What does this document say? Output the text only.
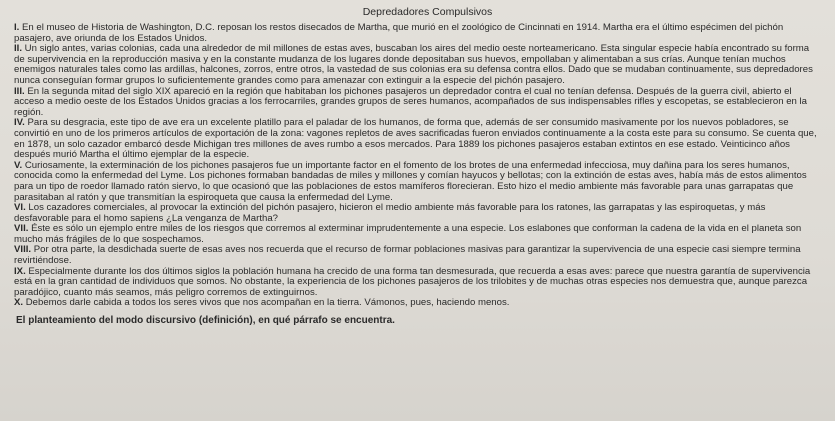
Depredadores Compulsivos

I. En el museo de Historia de Washington, D.C. reposan los restos disecados de Martha, que murió en el zoológico de Cincinnati en 1914. Martha era el último espécimen del pichón pasajero, ave oriunda de los Estados Unidos.

II. Un siglo antes, varias colonias, cada una alrededor de mil millones de estas aves, buscaban los aires del medio oeste norteamericano. Esta singular especie había encontrado su forma de supervivencia en la reproducción masiva y en la constante mudanza de los lugares donde depositaban sus huevos, empollaban y alimentaban a sus crías. Aunque tenían muchos enemigos naturales tales como las ardillas, halcones, zorros, entre otros, la vastedad de sus colonias era su defensa contra ellos. Dado que se mudaban continuamente, sus depredadores nunca conseguían formar grupos lo suficientemente grandes como para amenazar con extinguir a la especie del pichón pasajero.

III. En la segunda mitad del siglo XIX apareció en la región que habitaban los pichones pasajeros un depredador contra el cual no tenían defensa. Después de la guerra civil, abierto el acceso a medio oeste de los Estados Unidos gracias a los ferrocarriles, grandes grupos de seres humanos, acompañados de sus indispensables rifles y escopetas, se establecieron en la región.

IV. Para su desgracia, este tipo de ave era un excelente platillo para el paladar de los humanos, de forma que, además de ser consumido masivamente por los nuevos pobladores, se convirtió en uno de los primeros artículos de exportación de la zona: vagones repletos de aves sacrificadas fueron enviados continuamente a la costa este para su consumo. Se cuenta que, en 1878, un solo cazador embarcó desde Michigan tres millones de aves rumbo a esos mercados. Para 1889 los pichones pasajeros estaban extintos en ese estado. Veinticinco años después murió Martha el último ejemplar de la especie.

V. Curiosamente, la exterminación de los pichones pasajeros fue un importante factor en el fomento de los brotes de una enfermedad infecciosa, muy dañina para los seres humanos, conocida como la enfermedad del Lyme. Los pichones formaban bandadas de miles y millones y comían hayucos y bellotas; con la extinción de estas aves, había más de estos alimentos para un tipo de roedor llamado ratón siervo, lo que ocasionó que las poblaciones de estos mamíferos florecieran. Esto hizo el medio ambiente más favorable para unas garrapatas que parasitaban al ratón y que transmitían la espiroqueta que causa la enfermedad del Lyme.

VI. Los cazadores comerciales, al provocar la extinción del pichón pasajero, hicieron el medio ambiente más favorable para los ratones, las garrapatas y las espiroquetas, y más desfavorable para el homo sapiens ¿La venganza de Martha?

VII. Éste es sólo un ejemplo entre miles de los riesgos que corremos al exterminar imprudentemente a una especie. Los eslabones que conforman la cadena de la vida en el planeta son mucho más frágiles de lo que sospechamos.

VIII. Por otra parte, la desdichada suerte de esas aves nos recuerda que el recurso de formar poblaciones masivas para garantizar la supervivencia de una especie casi siempre termina revirtiéndose.

IX. Especialmente durante los dos últimos siglos la población humana ha crecido de una forma tan desmesurada, que recuerda a esas aves: parece que nuestra garantía de supervivencia está en la gran cantidad de individuos que somos. No obstante, la experiencia de los pichones pasajeros de los trilobites y de muchas otras especies nos demuestra que, aunque parezca paradójico, cuanto más seamos, más peligro corremos de extinguirnos.

X. Debemos darle cabida a todos los seres vivos que nos acompañan en la tierra. Vámonos, pues, haciendo menos.

El planteamiento del modo discursivo (definición), en qué párrafo se encuentra.
